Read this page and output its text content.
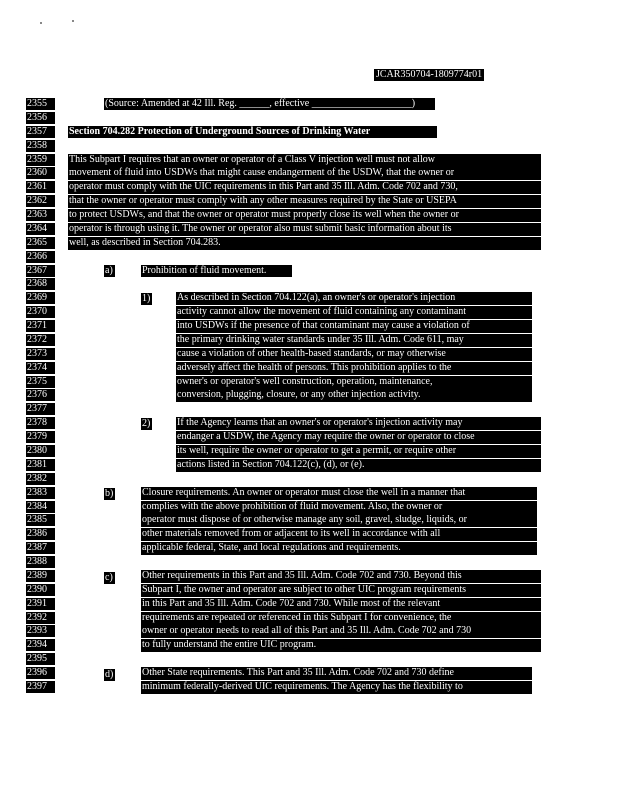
JCAR350704-1809774r01
2355
2356
2357
2358
2359
2360
2361
2362
2363
2364
2365
2366
2367
2368
2369
2370
2371
2372
2373
2374
2375
2376
2377
2378
2379
2380
2381
2382
2383
2384
2385
2386
2387
2388
2389
2390
2391
2392
2393
2394
2395
2396
2397
(Source: Amended at 42 Ill. Reg. ______, effective ____________________)
Section 704.282 Protection of Underground Sources of Drinking Water
This Subpart I requires that an owner or operator of a Class V injection well must not allow
movement of fluid into USDWs that might cause endangerment of the USDW, that the owner or
operator must comply with the UIC requirements in this Part and 35 Ill. Adm. Code 702 and 730,
that the owner or operator must comply with any other measures required by the State or USEPA
to protect USDWs, and that the owner or operator must properly close its well when the owner or
operator is through using it. The owner or operator also must submit basic information about its
well, as described in Section 704.283.
a)	Prohibition of fluid movement.
1)	As described in Section 704.122(a), an owner's or operator's injection
activity cannot allow the movement of fluid containing any contaminant
into USDWs if the presence of that contaminant may cause a violation of
the primary drinking water standards under 35 Ill. Adm. Code 611, may
cause a violation of other health-based standards, or may otherwise
adversely affect the health of persons. This prohibition applies to the
owner's or operator's well construction, operation, maintenance,
conversion, plugging, closure, or any other injection activity.
2)	If the Agency learns that an owner's or operator's injection activity may
endanger a USDW, the Agency may require the owner or operator to close
its well, require the owner or operator to get a permit, or require other
actions listed in Section 704.122(c), (d), or (e).
b)	Closure requirements. An owner or operator must close the well in a manner that
complies with the above prohibition of fluid movement. Also, the owner or
operator must dispose of or otherwise manage any soil, gravel, sludge, liquids, or
other materials removed from or adjacent to its well in accordance with all
applicable federal, State, and local regulations and requirements.
c)	Other requirements in this Part and 35 Ill. Adm. Code 702 and 730. Beyond this
Subpart I, the owner and operator are subject to other UIC program requirements
in this Part and 35 Ill. Adm. Code 702 and 730. While most of the relevant
requirements are repeated or referenced in this Subpart I for convenience, the
owner or operator needs to read all of this Part and 35 Ill. Adm. Code 702 and 730
to fully understand the entire UIC program.
d)	Other State requirements. This Part and 35 Ill. Adm. Code 702 and 730 define
minimum federally-derived UIC requirements. The Agency has the flexibility to
